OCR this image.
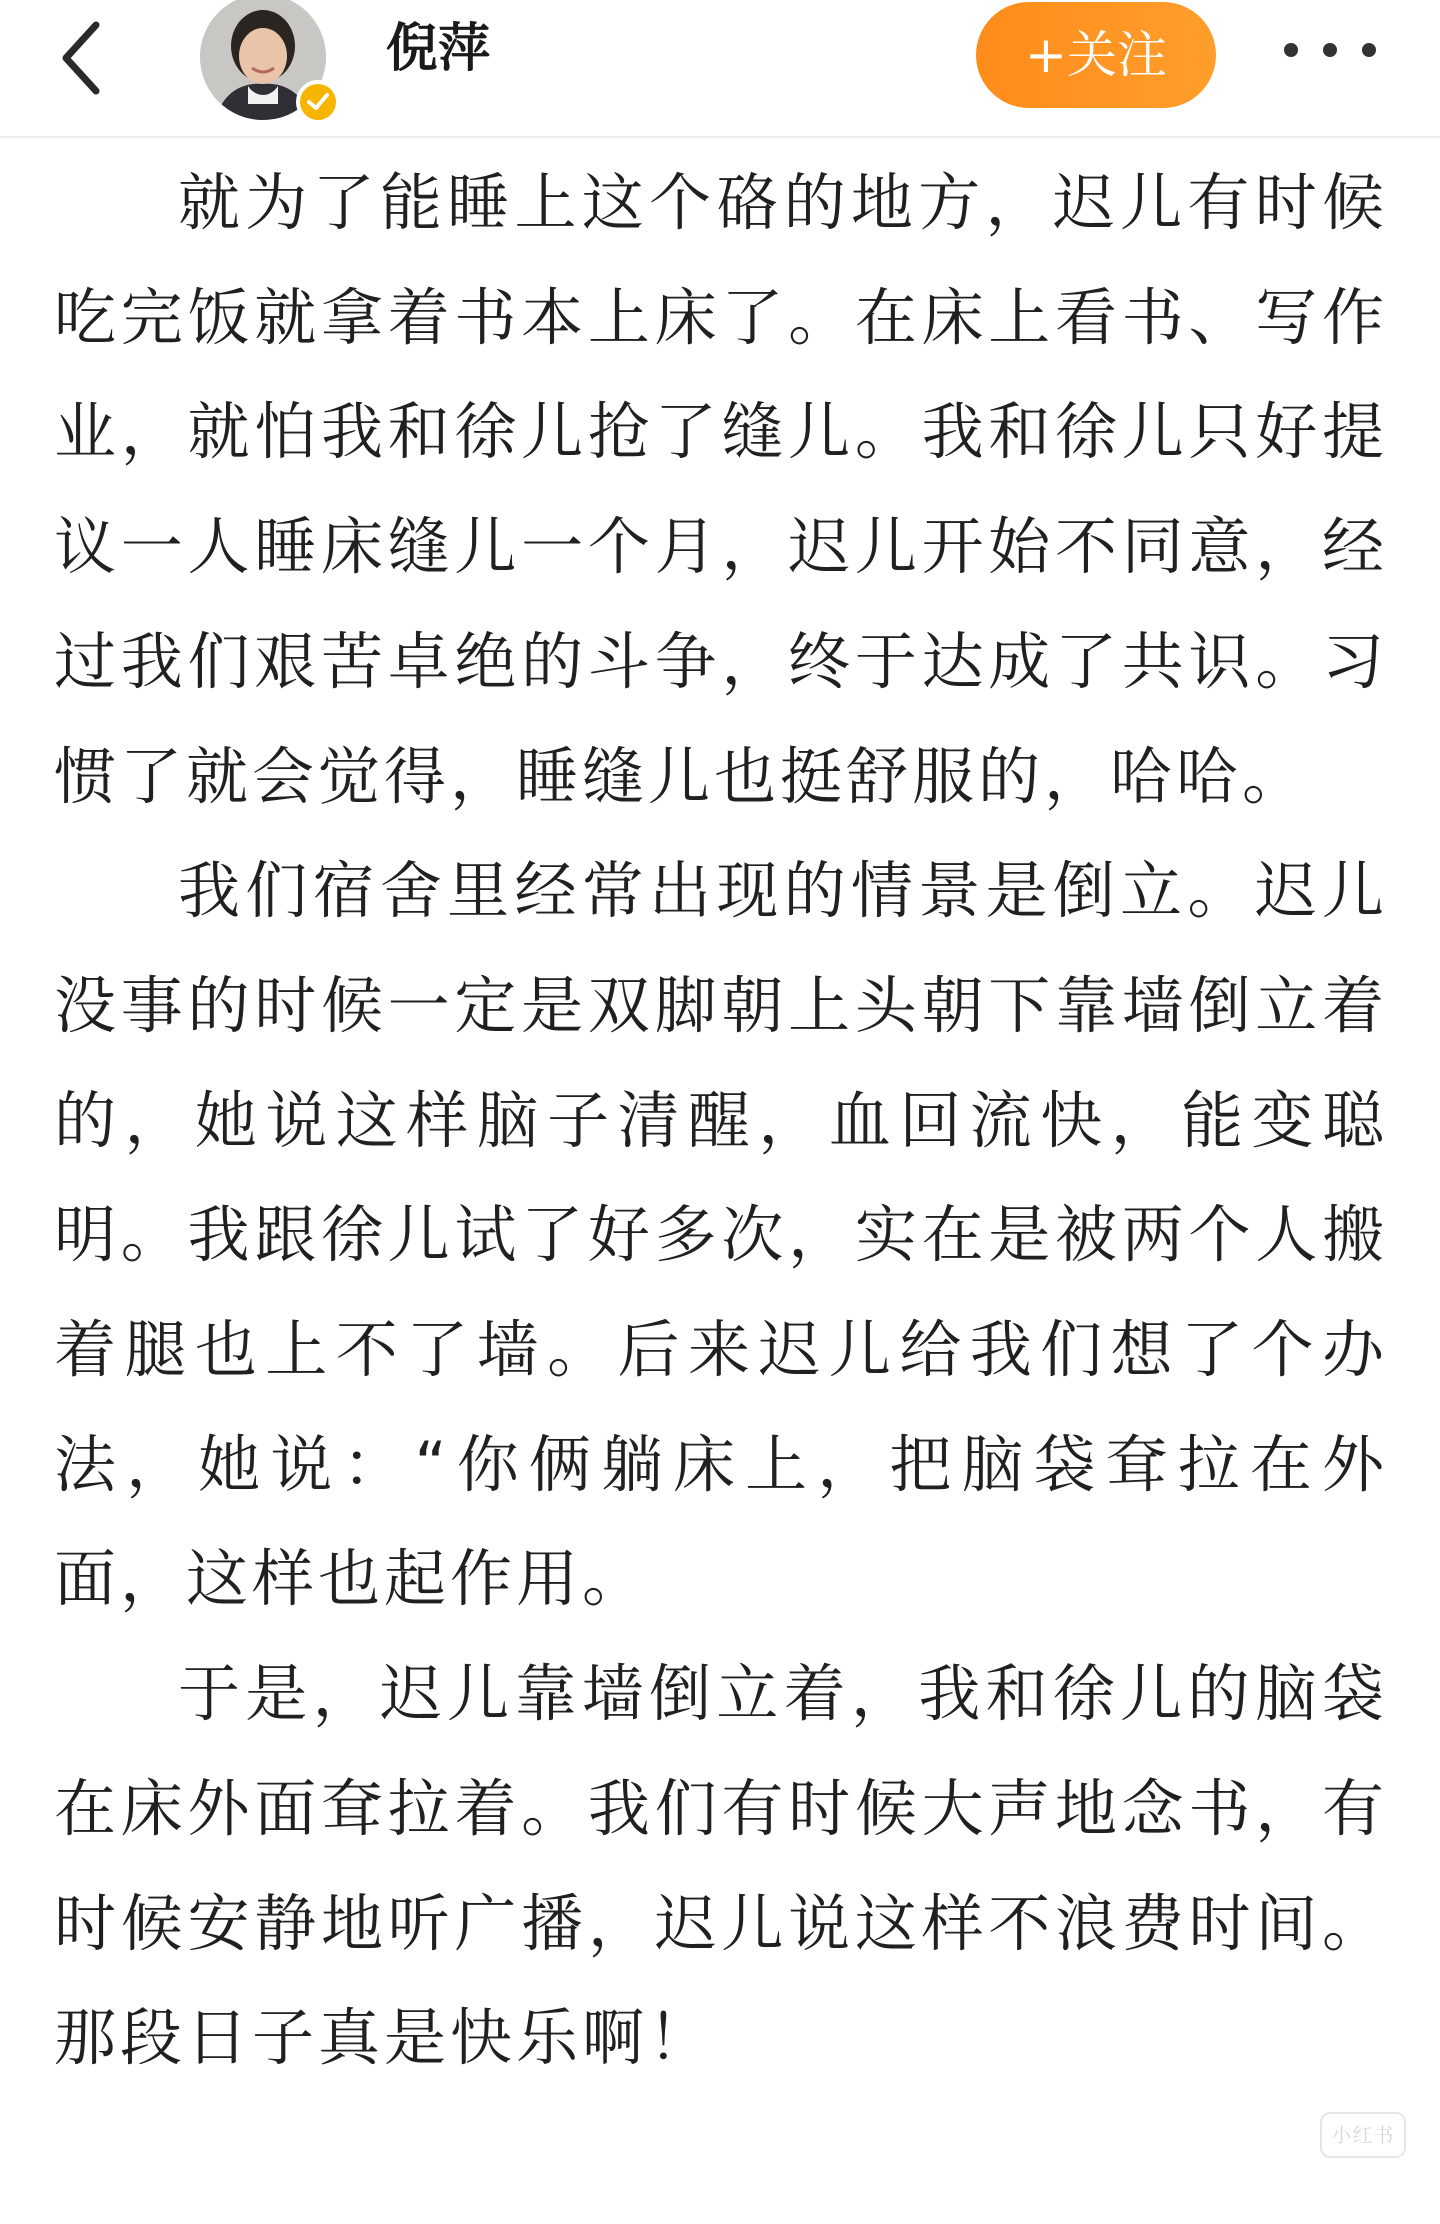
倪萍	+关注

就为了能睡上这个硌的地方，迟儿有时候吃完饭就拿着书本上床了。在床上看书、写作业，就怕我和徐儿抢了缝儿。我和徐儿只好提议一人睡床缝儿一个月，迟儿开始不同意，经过我们艰苦卓绝的斗争，终于达成了共识。习惯了就会觉得，睡缝儿也挺舒服的，哈哈。

我们宿舍里经常出现的情景是倒立。迟儿没事的时候一定是双脚朝上头朝下靠墙倒立着的，她说这样脑子清醒，血回流快，能变聪明。我跟徐儿试了好多次，实在是被两个人搬着腿也上不了墙。后来迟儿给我们想了个办法，她说：“你俩躺床上，把脑袋耷拉在外面，这样也起作用。

于是，迟儿靠墙倒立着，我和徐儿的脑袋在床外面耷拉着。我们有时候大声地念书，有时候安静地听广播，迟儿说这样不浪费时间。那段日子真是快乐啊！

小红书
